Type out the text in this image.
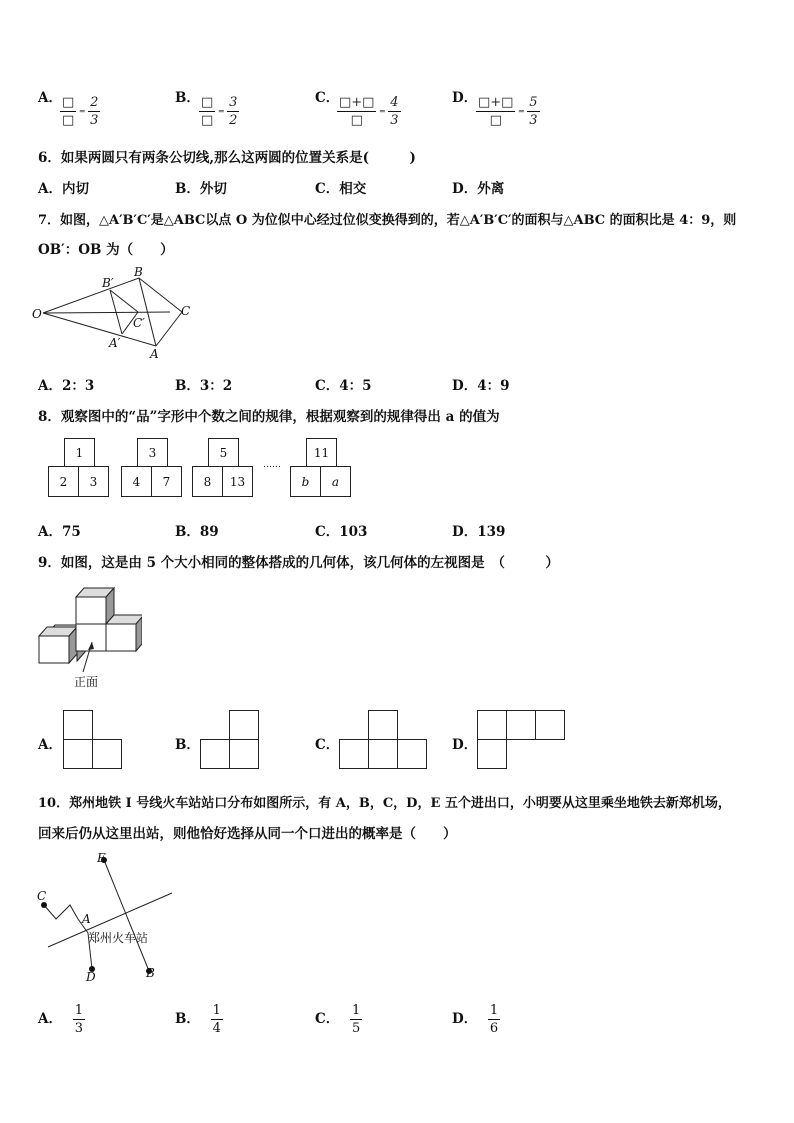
A．
$\frac{□}{□} = \frac{2}{3}$	B． $\frac{□}{□} = \frac{3}{2}$	C．
$\frac{□+□}{□} = \frac{4}{3}$	D．
$\frac{□+□}{□} = \frac{5}{3}$
6．如果两圆只有两条公切线,那么这两圆的位置关系是(　　　)
A．内切	B．外切	C．相交	D．外离
7．如图，△A′B′C′是△ABC以点 O 为位似中心经过位似变换得到的，若△A′B′C′的面积与△ABC 的面积比是 4：9，则
OB′：OB 为（　　）
O
B′
B
C
C′
A′
A
A．2：3	B．3：2	C．4：5	D．4：9
8．观察图中的“品”字形中个数之间的规律，根据观察到的规律得出 a 的值为
1
2	3
3
4	7
5
8	13
……
11
b	a
A．75	B．89	C．103	D．139
9．如图，这是由 5 个大小相同的整体搭成的几何体，该几何体的左视图是　（　　　）
正面
A．	B．	C．	D．
10．郑州地铁 I 号线火车站站口分布如图所示，有 A，B，C，D，E 五个进出口，小明要从这里乘坐地铁去新郑机场，
回来后仍从这里出站，则他恰好选择从同一个口进出的概率是（　　）
E
C
A
D	B
郑州火车站
A． $\frac{1}{3}$	B． $\frac{1}{4}$	C． $\frac{1}{5}$	D． $\frac{1}{6}$
